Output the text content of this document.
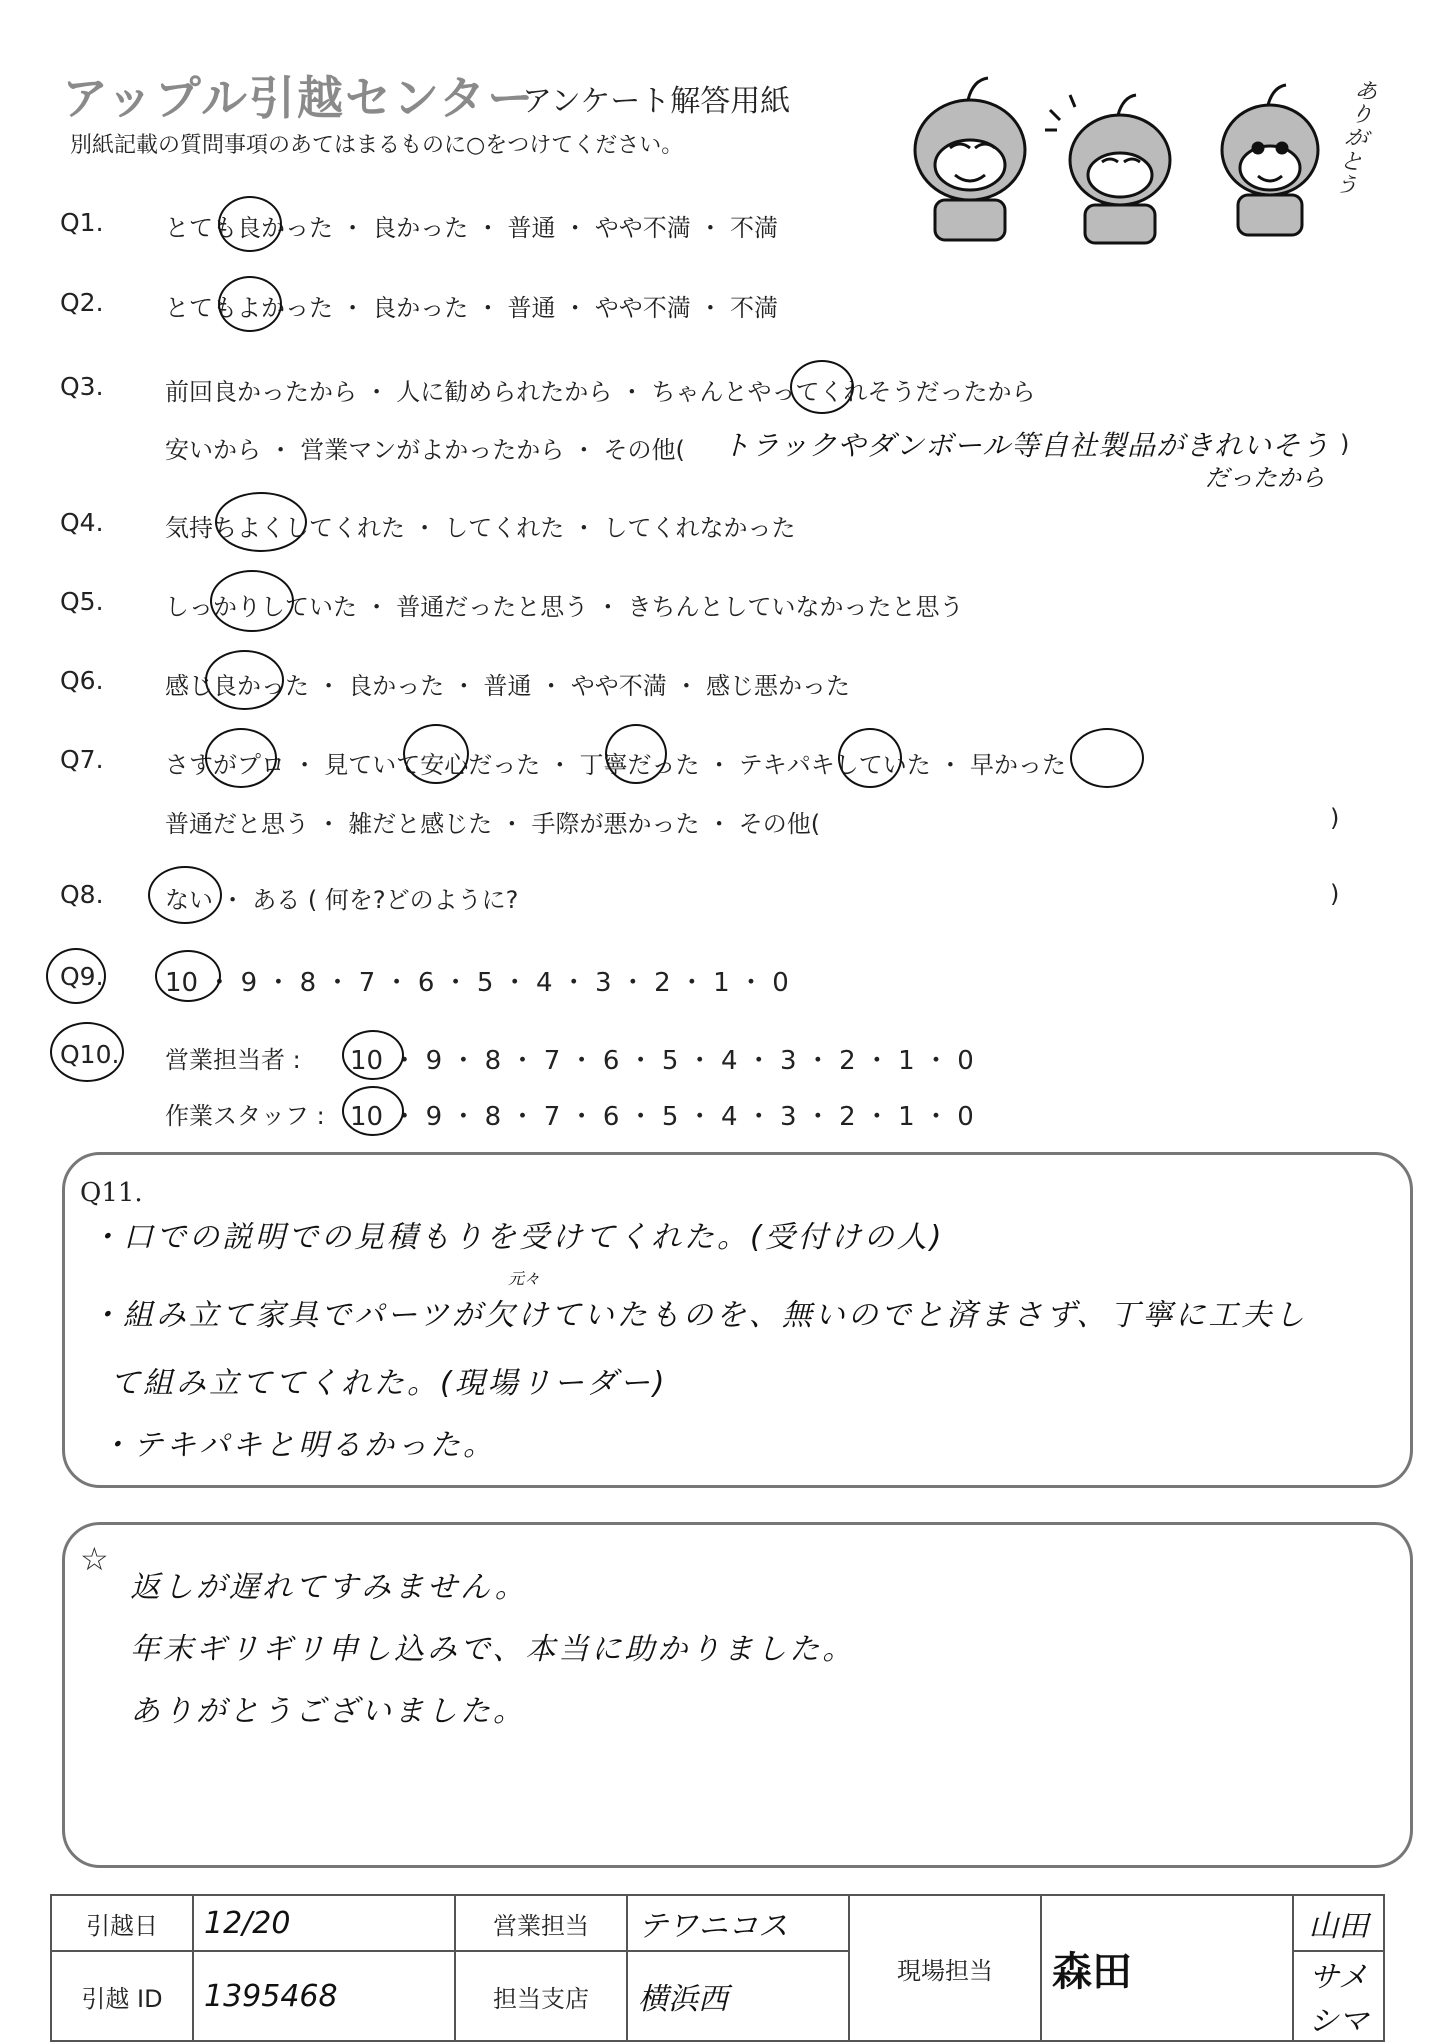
アップル引越センター
アンケート解答用紙
別紙記載の質問事項のあてはまるものに○をつけてください。
ありがとう
Q1.	とても良かった ・ 良かった ・ 普通 ・ やや不満 ・ 不満
Q2.	とてもよかった ・ 良かった ・ 普通 ・ やや不満 ・ 不満
Q3.	前回良かったから ・ 人に勧められたから ・ ちゃんとやってくれそうだったから
安いから ・ 営業マンがよかったから ・ その他( トラックやダンボール等自社製品がきれいそう
だったから
)
Q4.	気持ちよくしてくれた ・ してくれた ・ してくれなかった
Q5.	しっかりしていた ・ 普通だったと思う ・ きちんとしていなかったと思う
Q6.	感じ良かった ・ 良かった ・ 普通 ・ やや不満 ・ 感じ悪かった
Q7.	さすがプロ ・ 見ていて安心だった ・ 丁寧だった ・ テキパキしていた ・ 早かった
普通だと思う ・ 雑だと感じた ・ 手際が悪かった ・ その他(	)
Q8.	ない ・ ある ( 何を?どのように?	)
Q9. 10 ・ 9 ・ 8 ・ 7 ・ 6 ・ 5 ・ 4 ・ 3 ・ 2 ・ 1 ・ 0
Q10. 営業担当者 : 10 ・ 9 ・ 8 ・ 7 ・ 6 ・ 5 ・ 4 ・ 3 ・ 2 ・ 1 ・ 0
作業スタッフ : 10 ・ 9 ・ 8 ・ 7 ・ 6 ・ 5 ・ 4 ・ 3 ・ 2 ・ 1 ・ 0
Q11.
・口での説明での見積もりを受けてくれた。(受付けの人)
元々
・組み立て家具でパーツが欠けていたものを、無いのでと済まさず、丁寧に工夫し
て組み立ててくれた。(現場リーダー)
・テキパキと明るかった。
☆
返しが遅れてすみません。
年末ギリギリ申し込みで、本当に助かりました。
ありがとうございました。
引越日	12/20	営業担当	テワニコス	現場担当	森田	山田
引越 ID	1395468	担当支店	横浜西			サメシマ
